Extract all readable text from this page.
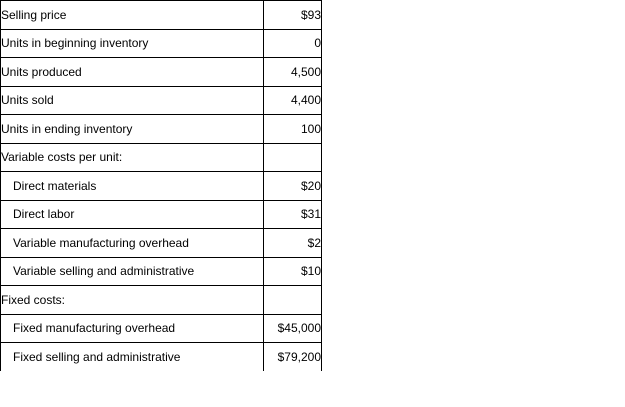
Selling price	$93
Units in beginning inventory	0
Units produced	4,500
Units sold	4,400
Units in ending inventory	100
Variable costs per unit:	
Direct materials	$20
Direct labor	$31
Variable manufacturing overhead	$2
Variable selling and administrative	$10
Fixed costs:	
Fixed manufacturing overhead	$45,000
Fixed selling and administrative	$79,200
